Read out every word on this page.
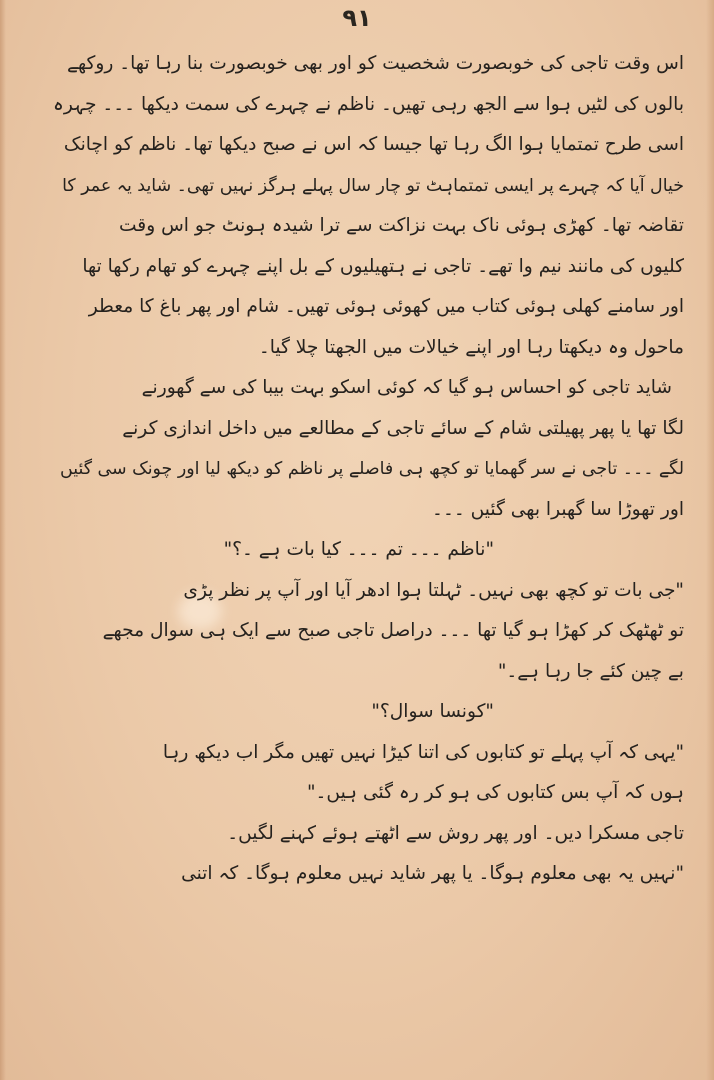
٩١
اس وقت تاجی کی خوبصورت شخصیت کو اور بھی خوبصورت بنا رہا تھا۔ روکھے
بالوں کی لٹیں ہوا سے الجھ رہی تھیں۔ ناظم نے چہرے کی سمت دیکھا ۔۔۔ چہرہ
اسی طرح تمتمایا ہوا الگ رہا تھا جیسا کہ اس نے صبح دیکھا تھا۔ ناظم کو اچانک
خیال آیا کہ چہرے پر ایسی تمتماہٹ تو چار سال پہلے ہرگز نہیں تھی۔ شاید یہ عمر کا
تقاضہ تھا۔ کھڑی ہوئی ناک بہت نزاکت سے ترا شیدہ ہونٹ جو اس وقت
کلیوں کی مانند نیم وا تھے۔ تاجی نے ہتھیلیوں کے بل اپنے چہرے کو تھام رکھا تھا
اور سامنے کھلی ہوئی کتاب میں کھوئی ہوئی تھیں۔ شام اور پھر باغ کا معطر
ماحول وہ دیکھتا رہا اور اپنے خیالات میں الجھتا چلا گیا۔
شاید تاجی کو احساس ہو گیا کہ کوئی اسکو بہت بیبا کی سے گھورنے
لگا تھا یا پھر پھیلتی شام کے سائے تاجی کے مطالعے میں داخل اندازی کرنے
لگے ۔۔۔ تاجی نے سر گھمایا تو کچھ ہی فاصلے پر ناظم کو دیکھ لیا اور چونک سی گئیں
اور تھوڑا سا گھبرا بھی گئیں ۔۔۔
"ناظم ۔۔۔ تم ۔۔۔ کیا بات ہے ۔؟"
"جی بات تو کچھ بھی نہیں۔ ٹہلتا ہوا ادھر آیا اور آپ پر نظر پڑی
تو ٹھٹھک کر کھڑا ہو گیا تھا ۔۔۔ دراصل تاجی صبح سے ایک ہی سوال مجھے
بے چین کئے جا رہا ہے۔"
"کونسا سوال؟"
"یہی کہ آپ پہلے تو کتابوں کی اتنا کیڑا نہیں تھیں مگر اب دیکھ رہا
ہوں کہ آپ بس کتابوں کی ہو کر رہ گئی ہیں۔"
تاجی مسکرا دیں۔ اور پھر روش سے اٹھتے ہوئے کہنے لگیں۔
"نہیں یہ بھی معلوم ہوگا۔ یا پھر شاید نہیں معلوم ہوگا۔ کہ اتنی
